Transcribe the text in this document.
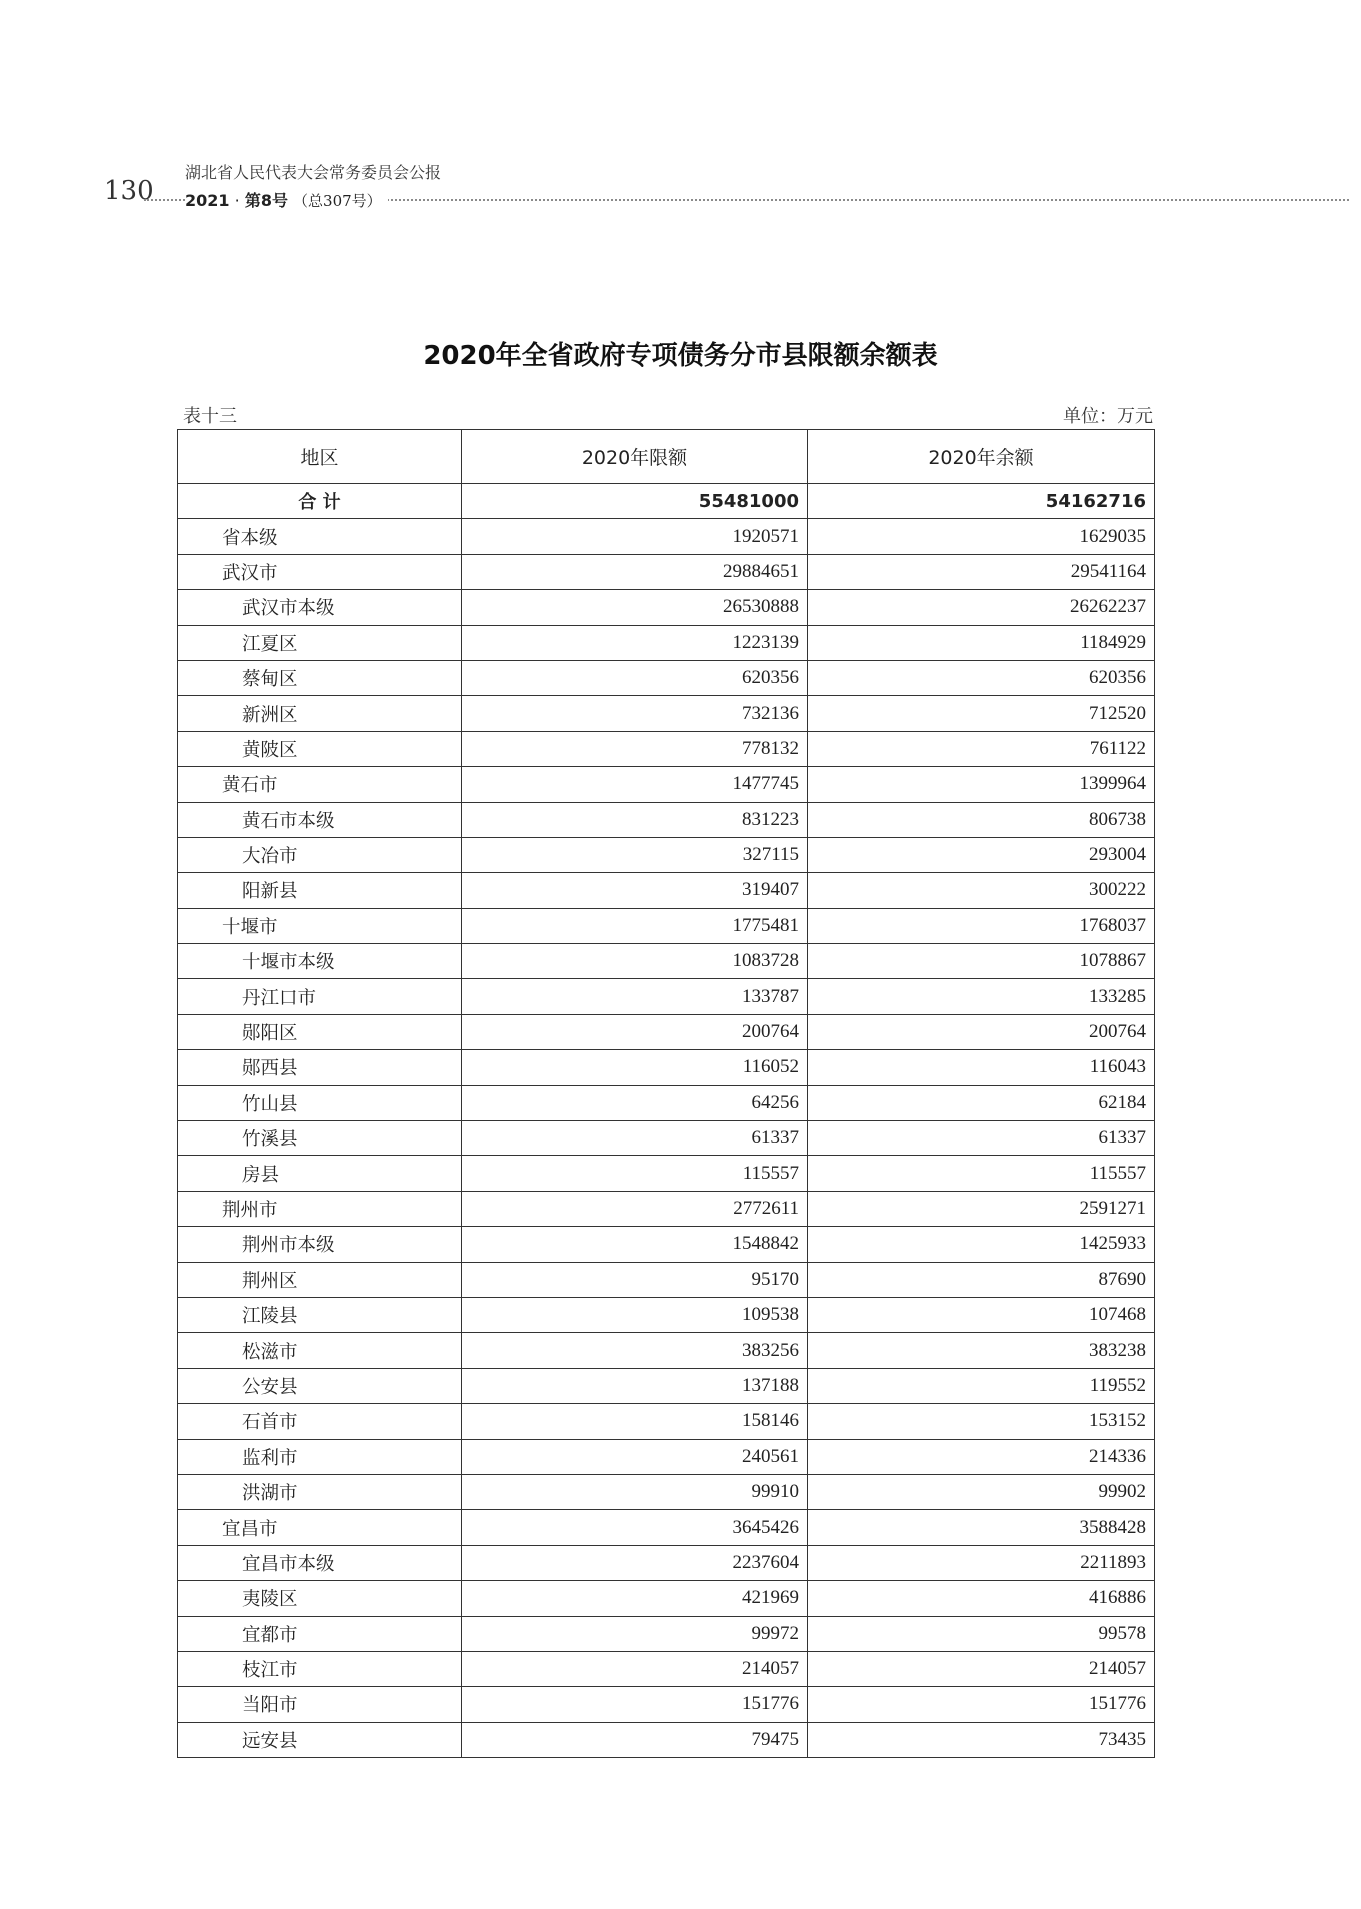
130
湖北省人民代表大会常务委员会公报
2021 · 第8号 （总307号）
2020年全省政府专项债务分市县限额余额表
表十三	单位：万元
地区	2020年限额	2020年余额
合 计	55481000	54162716
省本级	1920571	1629035
武汉市	29884651	29541164
武汉市本级	26530888	26262237
江夏区	1223139	1184929
蔡甸区	620356	620356
新洲区	732136	712520
黄陂区	778132	761122
黄石市	1477745	1399964
黄石市本级	831223	806738
大冶市	327115	293004
阳新县	319407	300222
十堰市	1775481	1768037
十堰市本级	1083728	1078867
丹江口市	133787	133285
郧阳区	200764	200764
郧西县	116052	116043
竹山县	64256	62184
竹溪县	61337	61337
房县	115557	115557
荆州市	2772611	2591271
荆州市本级	1548842	1425933
荆州区	95170	87690
江陵县	109538	107468
松滋市	383256	383238
公安县	137188	119552
石首市	158146	153152
监利市	240561	214336
洪湖市	99910	99902
宜昌市	3645426	3588428
宜昌市本级	2237604	2211893
夷陵区	421969	416886
宜都市	99972	99578
枝江市	214057	214057
当阳市	151776	151776
远安县	79475	73435
